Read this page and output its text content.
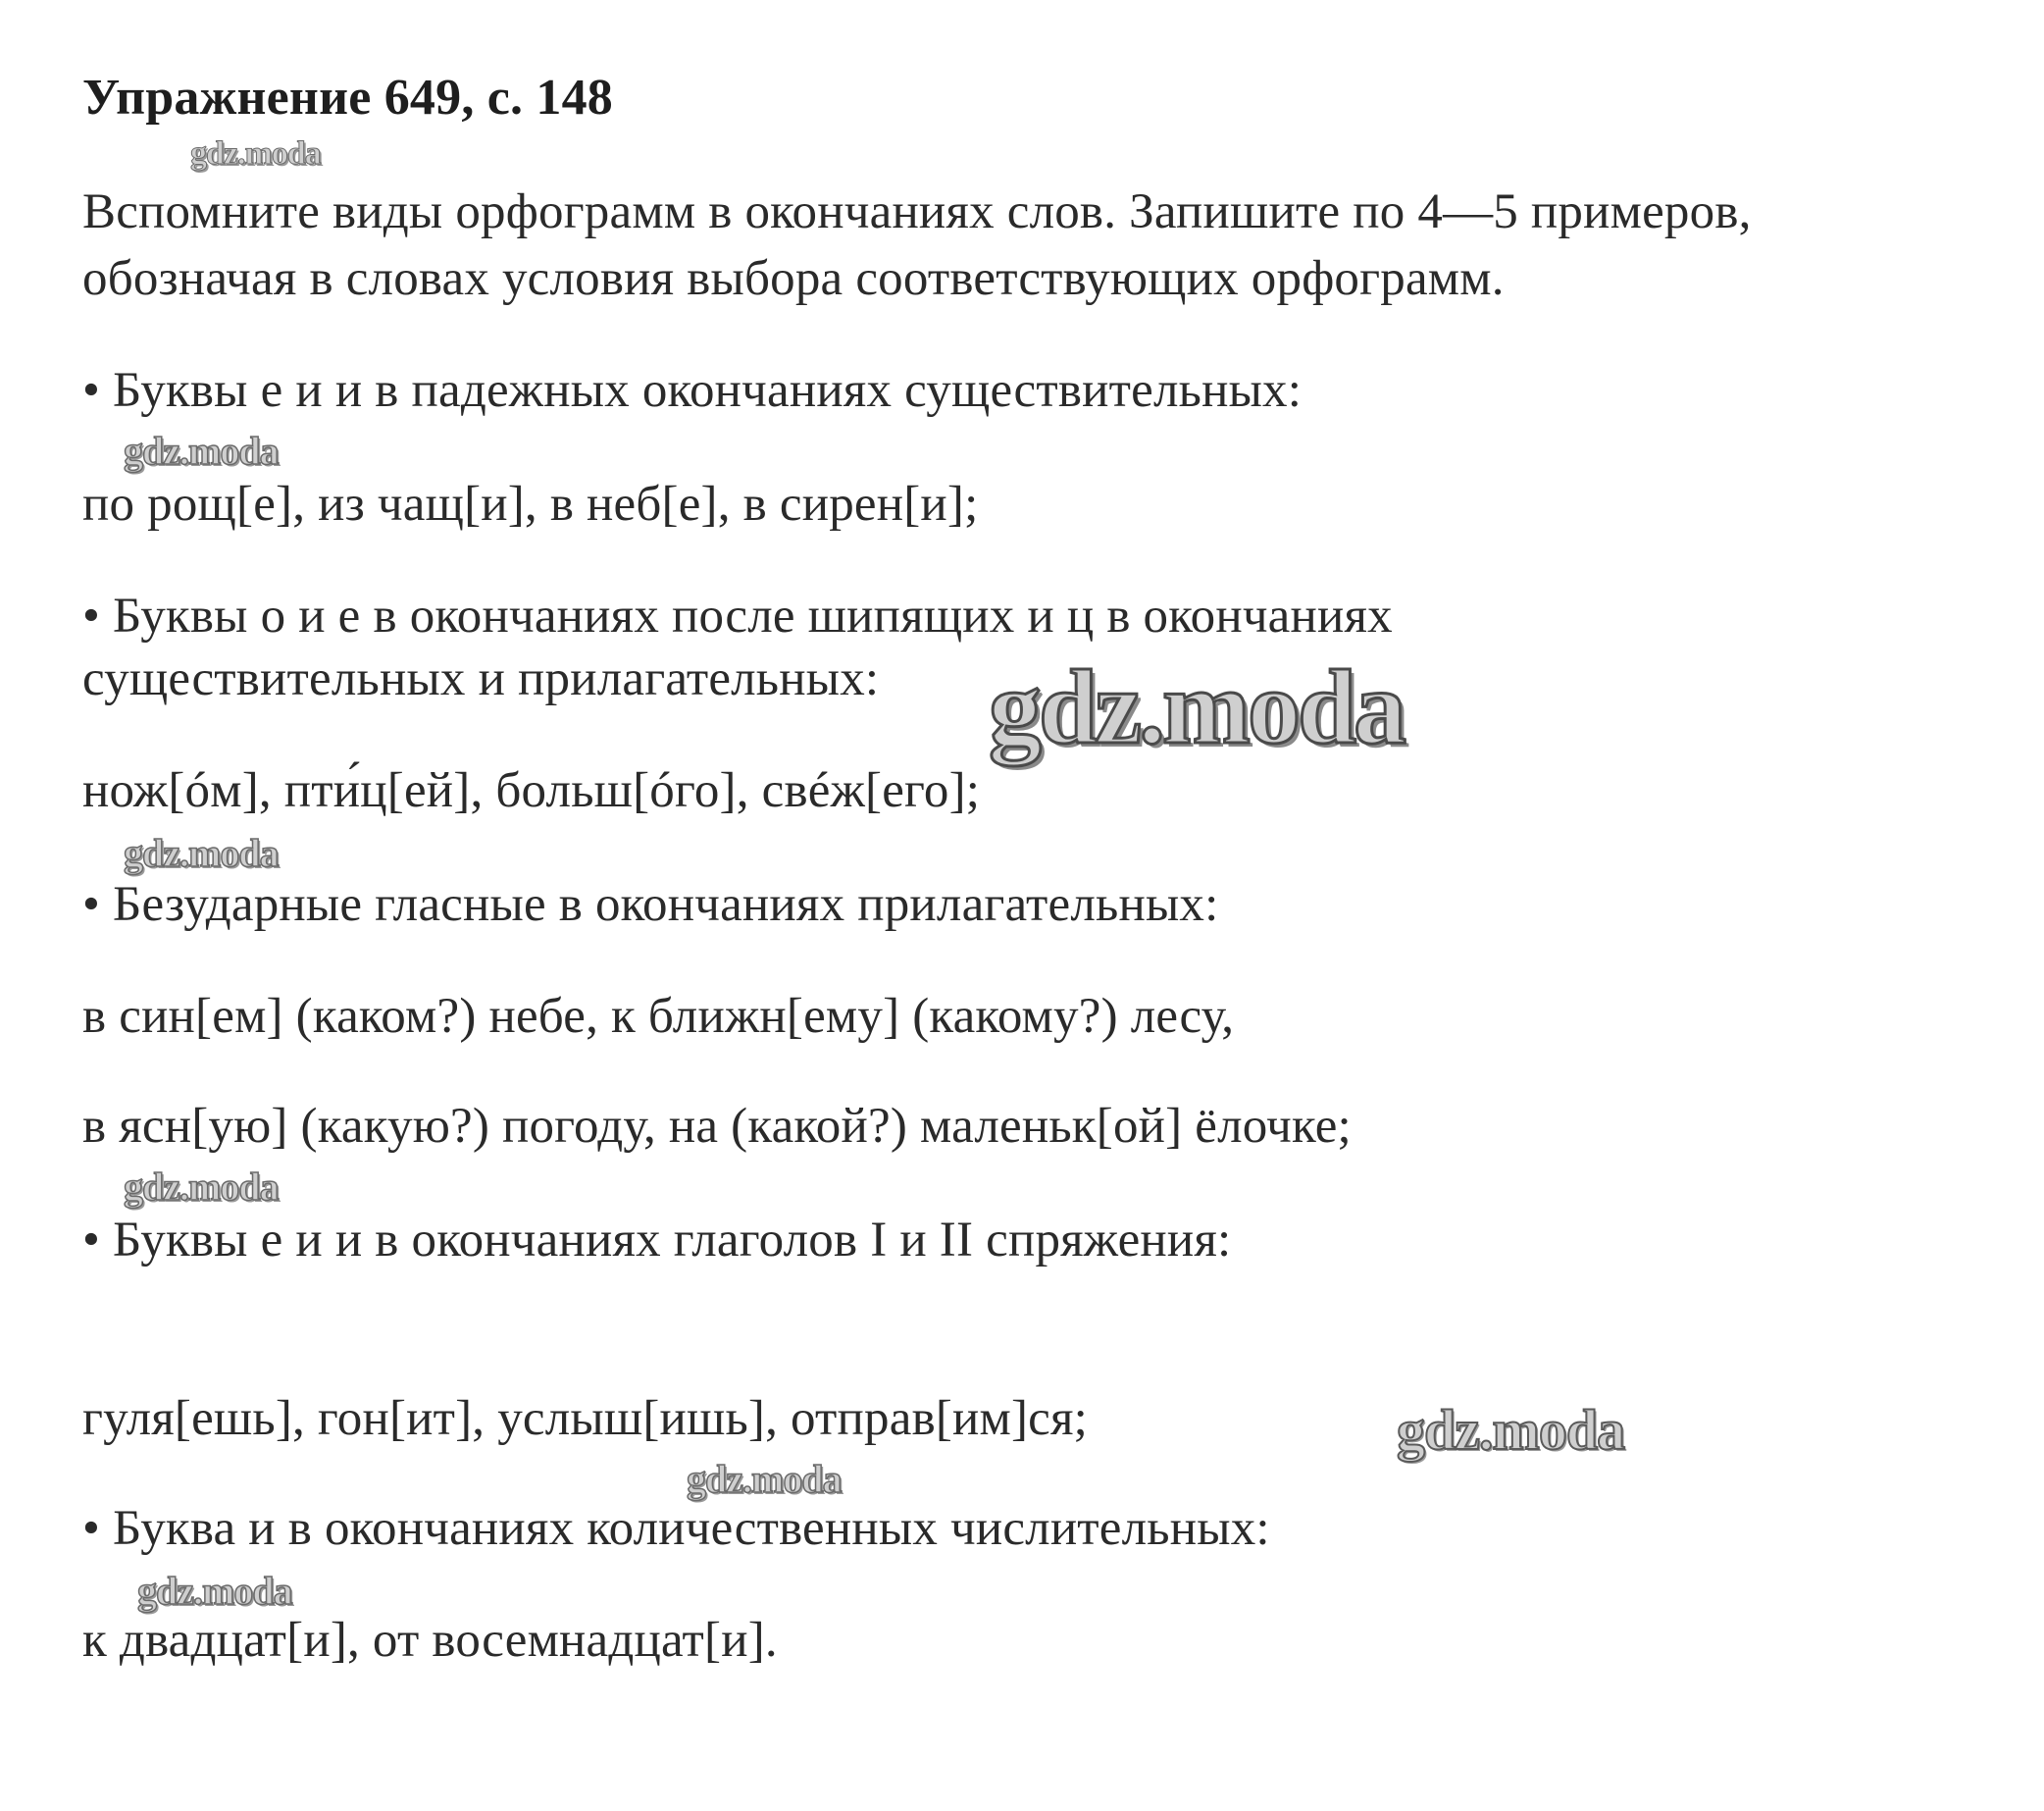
Упражнение 649, с. 148
Вспомните виды орфограмм в окончаниях слов. Запишите по 4—5 примеров,
обозначая в словах условия выбора соответствующих орфограмм.
• Буквы е и и в падежных окончаниях существительных:
по рощ[е], из чащ[и], в неб[е], в сирен[и];
• Буквы о и е в окончаниях после шипящих и ц в окончаниях
существительных и прилагательных:
нож[óм], пти́ц[ей], больш[óго], свéж[его];
• Безударные гласные в окончаниях прилагательных:
в син[ем] (каком?) небе, к ближн[ему] (какому?) лесу,
в ясн[ую] (какую?) погоду, на (какой?) маленьк[ой] ёлочке;
• Буквы е и и в окончаниях глаголов I и II спряжения:
гуля[ешь], гон[ит], услыш[ишь], отправ[им]ся;
• Буква и в окончаниях количественных числительных:
к двадцат[и], от восемнадцат[и].
gdz.moda
gdz.moda
gdz.moda
gdz.moda
gdz.moda
gdz.moda
gdz.moda
gdz.moda
